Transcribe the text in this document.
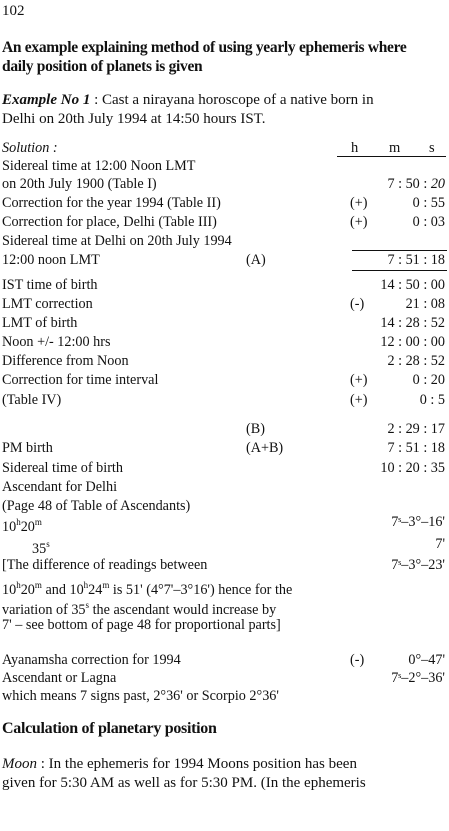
102
An example explaining method of using yearly ephemeris where
daily position of planets is given
Example No 1 : Cast a nirayana horoscope of a native born in
Delhi on 20th July 1994 at 14:50 hours IST.
Solution :	h m s
Sidereal time at 12:00 Noon LMT
on 20th July 1900 (Table I)	7 : 50 : 20
Correction for the year 1994 (Table II)	(+)	0 : 55
Correction for place, Delhi (Table III)	(+)	0 : 03
Sidereal time at Delhi on 20th July 1994
12:00 noon LMT	(A)	7 : 51 : 18
IST time of birth	14 : 50 : 00
LMT correction	(-)	21 : 08
LMT of birth	14 : 28 : 52
Noon +/- 12:00 hrs	12 : 00 : 00
Difference from Noon	2 : 28 : 52
Correction for time interval	(+)	0 : 20
(Table IV)	(+)	0 : 5
(B)	2 : 29 : 17
PM birth	(A+B)	7 : 51 : 18
Sidereal time of birth	10 : 20 : 35
Ascendant for Delhi
(Page 48 of Table of Ascendants)
10$^h$20$^m$	7ˢ–3°–16'
35$^s$	7'
[The difference of readings between	7ˢ–3°–23'
10$^h$20$^m$ and 10$^h$24$^m$ is 51' (4°7'–3°16') hence for the
variation of 35$^s$ the ascendant would increase by
7' – see bottom of page 48 for proportional parts]
Ayanamsha correction for 1994	(-)	0°–47'
Ascendant or Lagna	7ˢ–2°–36'
which means 7 signs past, 2°36' or Scorpio 2°36'
Calculation of planetary position
Moon : In the ephemeris for 1994 Moons position has been
given for 5:30 AM as well as for 5:30 PM. (In the ephemeris
